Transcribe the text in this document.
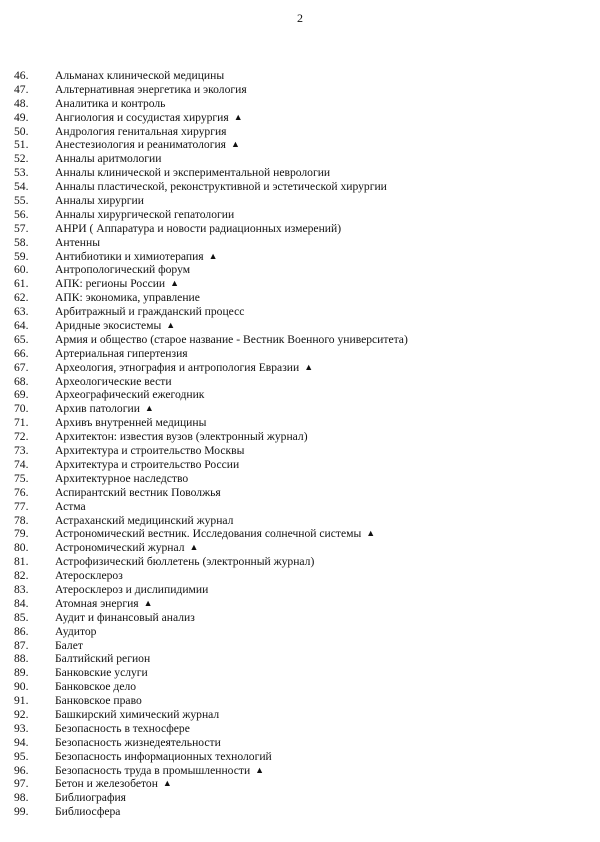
2
46. Альманах клинической медицины
47. Альтернативная энергетика и экология
48. Аналитика и контроль
49. Ангиология и сосудистая хирургия ▲
50. Андрология генитальная хирургия
51. Анестезиология и реаниматология ▲
52. Анналы аритмологии
53. Анналы клинической и экспериментальной неврологии
54. Анналы пластической, реконструктивной и эстетической хирургии
55. Анналы хирургии
56. Анналы хирургической гепатологии
57. АНРИ ( Аппаратура и новости радиационных измерений)
58. Антенны
59. Антибиотики и химиотерапия ▲
60. Антропологический форум
61. АПК: регионы России ▲
62. АПК: экономика, управление
63. Арбитражный и гражданский процесс
64. Аридные экосистемы ▲
65. Армия и общество (старое название - Вестник Военного университета)
66. Артериальная гипертензия
67. Археология, этнография и антропология Евразии ▲
68. Археологические вести
69. Археографический ежегодник
70. Архив патологии ▲
71. Архивъ внутренней медицины
72. Архитектон: известия вузов (электронный журнал)
73. Архитектура и строительство Москвы
74. Архитектура и строительство России
75. Архитектурное наследство
76. Аспирантский вестник Поволжья
77. Астма
78. Астраханский медицинский журнал
79. Астрономический вестник. Исследования солнечной системы ▲
80. Астрономический журнал ▲
81. Астрофизический бюллетень (электронный журнал)
82. Атеросклероз
83. Атеросклероз и дислипидимии
84. Атомная энергия ▲
85. Аудит и финансовый анализ
86. Аудитор
87. Балет
88. Балтийский регион
89. Банковские услуги
90. Банковское дело
91. Банковское право
92. Башкирский химический журнал
93. Безопасность в техносфере
94. Безопасность жизнедеятельности
95. Безопасность информационных технологий
96. Безопасность труда в промышленности ▲
97. Бетон и железобетон ▲
98. Библиография
99. Библиосфера
